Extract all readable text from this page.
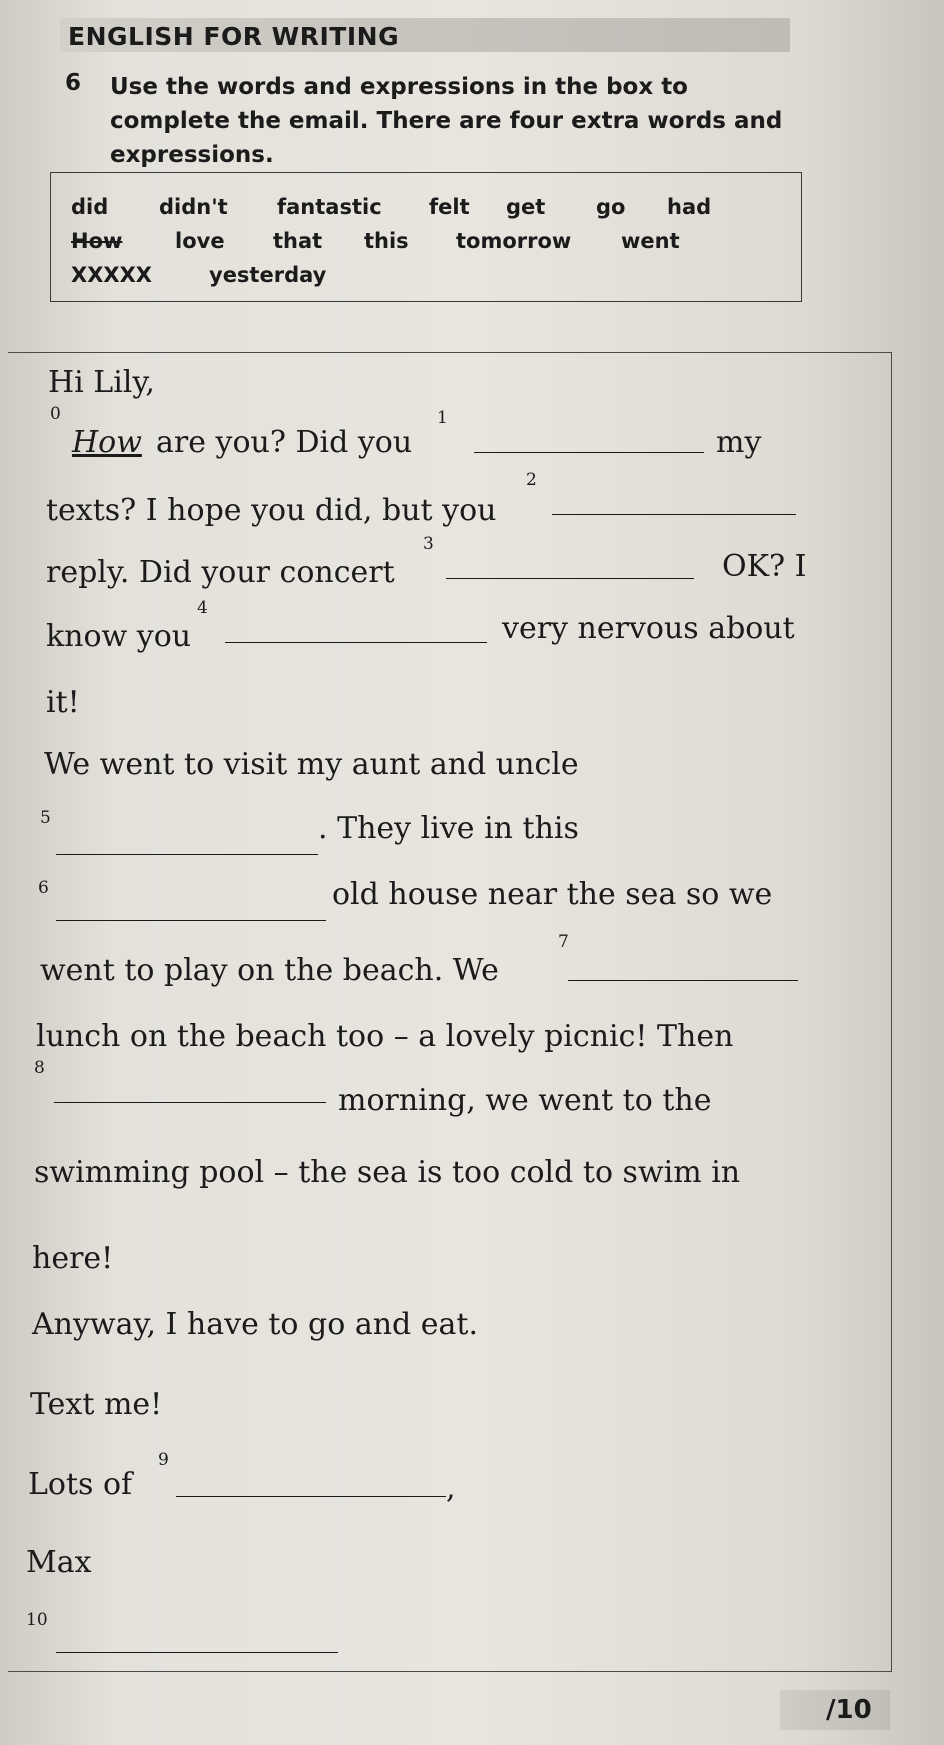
ENGLISH FOR WRITING
6 Use the words and expressions in the box to complete the email. There are four extra words and expressions.
did didn't fantastic felt get go had
How	love that this tomorrow went
XXXXX	yesterday
Hi Lily,
0
How are you? Did you
1
my
texts? I hope you did, but you
2
reply. Did your concert
3
OK? I
know you
4
very nervous about
it!
We went to visit my aunt and uncle
5	. They live in this
6	old house near the sea so we
went to play on the beach. We
7
lunch on the beach too – a lovely picnic! Then
8
morning, we went to the
swimming pool – the sea is too cold to swim in
here!
Anyway, I have to go and eat.
Text me!
Lots of
9
,
Max
10
/10
